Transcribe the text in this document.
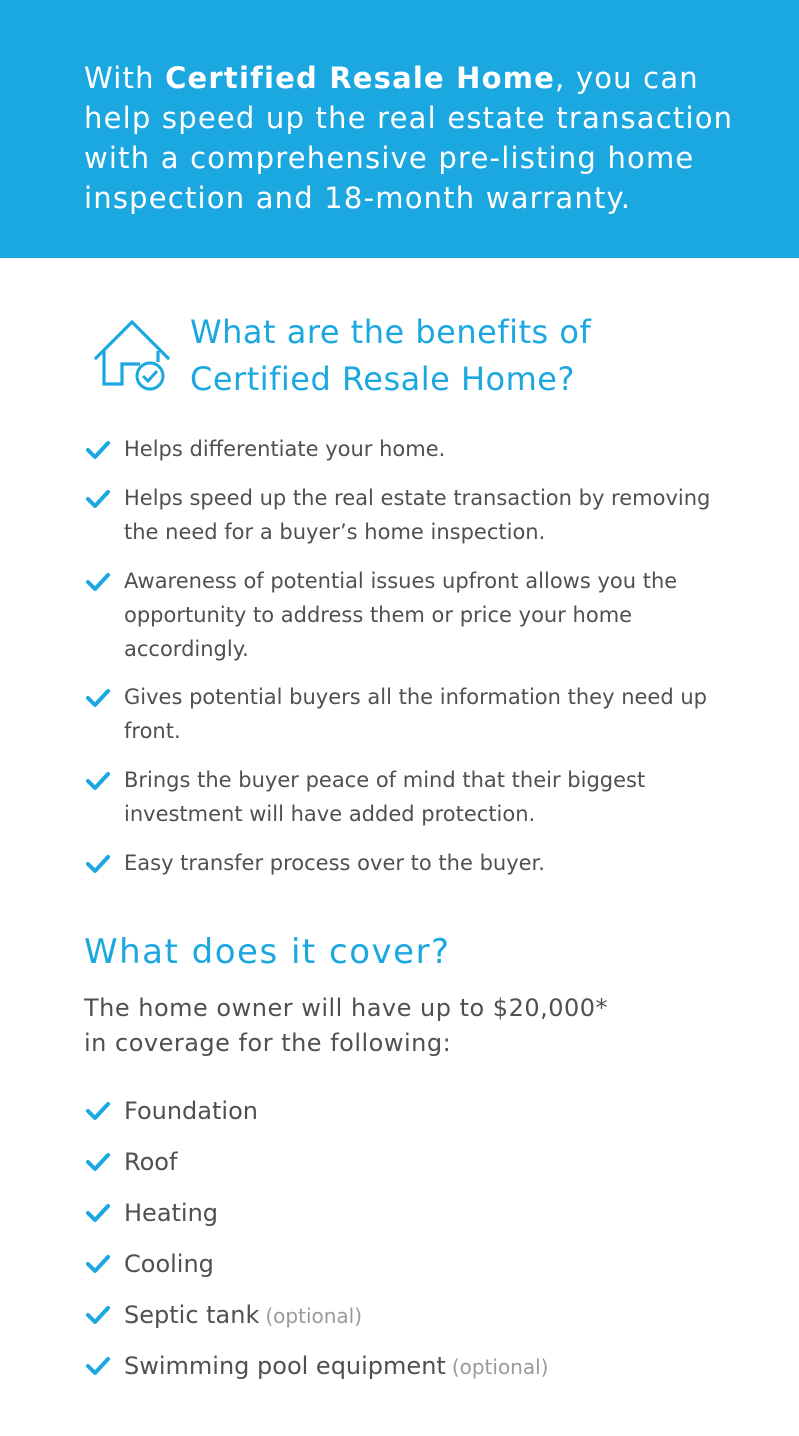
With Certified Resale Home, you can help speed up the real estate transaction with a comprehensive pre-listing home inspection and 18-month warranty.

What are the benefits of
Certified Resale Home?
Helps differentiate your home.
Helps speed up the real estate transaction by removing the need for a buyer’s home inspection.
Awareness of potential issues upfront allows you the opportunity to address them or price your home accordingly.
Gives potential buyers all the information they need up front.
Brings the buyer peace of mind that their biggest investment will have added protection.
Easy transfer process over to the buyer.
What does it cover?

The home owner will have up to $20,000*
in coverage for the following:

Foundation
Roof
Heating
Cooling
Septic tank (optional)
Swimming pool equipment (optional)
